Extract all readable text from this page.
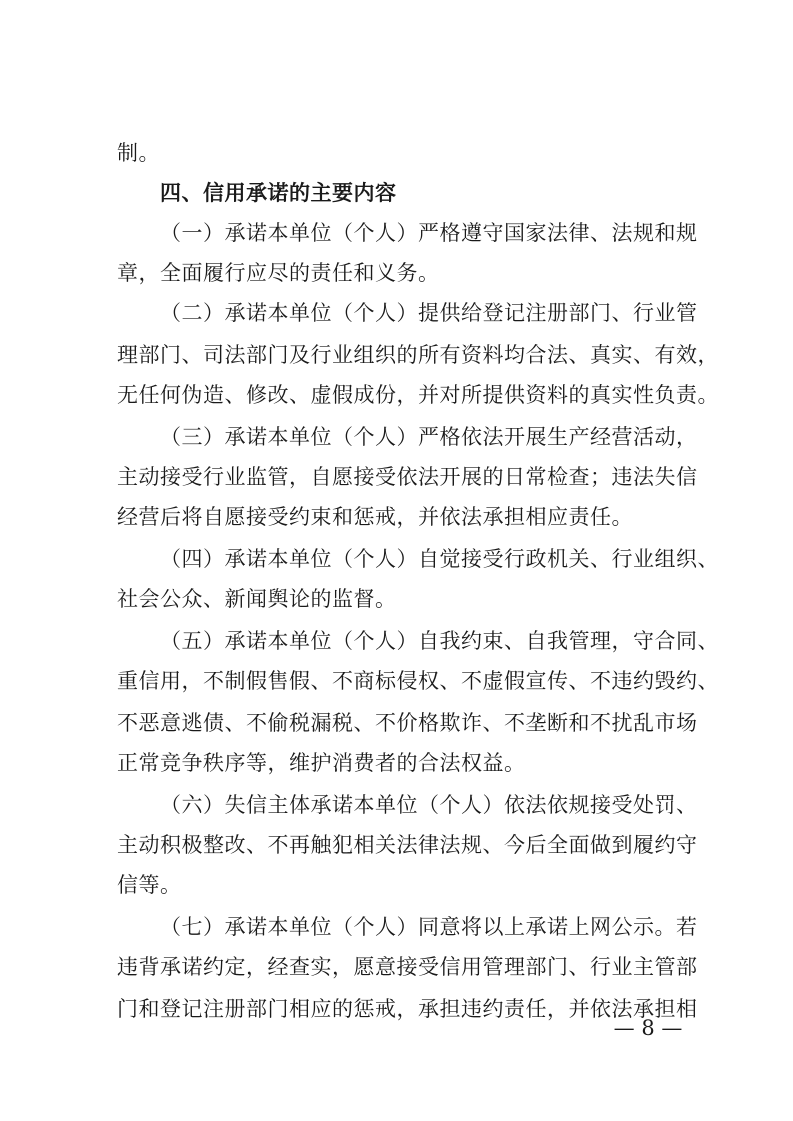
制。
四、信用承诺的主要内容
（一）承诺本单位（个人）严格遵守国家法律、法规和规
章，全面履行应尽的责任和义务。
（二）承诺本单位（个人）提供给登记注册部门、行业管
理部门、司法部门及行业组织的所有资料均合法、真实、有效，
无任何伪造、修改、虚假成份，并对所提供资料的真实性负责。
（三）承诺本单位（个人）严格依法开展生产经营活动，
主动接受行业监管，自愿接受依法开展的日常检查；违法失信
经营后将自愿接受约束和惩戒，并依法承担相应责任。
（四）承诺本单位（个人）自觉接受行政机关、行业组织、
社会公众、新闻舆论的监督。
（五）承诺本单位（个人）自我约束、自我管理，守合同、
重信用，不制假售假、不商标侵权、不虚假宣传、不违约毁约、
不恶意逃债、不偷税漏税、不价格欺诈、不垄断和不扰乱市场
正常竞争秩序等，维护消费者的合法权益。
（六）失信主体承诺本单位（个人）依法依规接受处罚、
主动积极整改、不再触犯相关法律法规、今后全面做到履约守
信等。
（七）承诺本单位（个人）同意将以上承诺上网公示。若
违背承诺约定，经查实，愿意接受信用管理部门、行业主管部
门和登记注册部门相应的惩戒，承担违约责任，并依法承担相
— 8 —
